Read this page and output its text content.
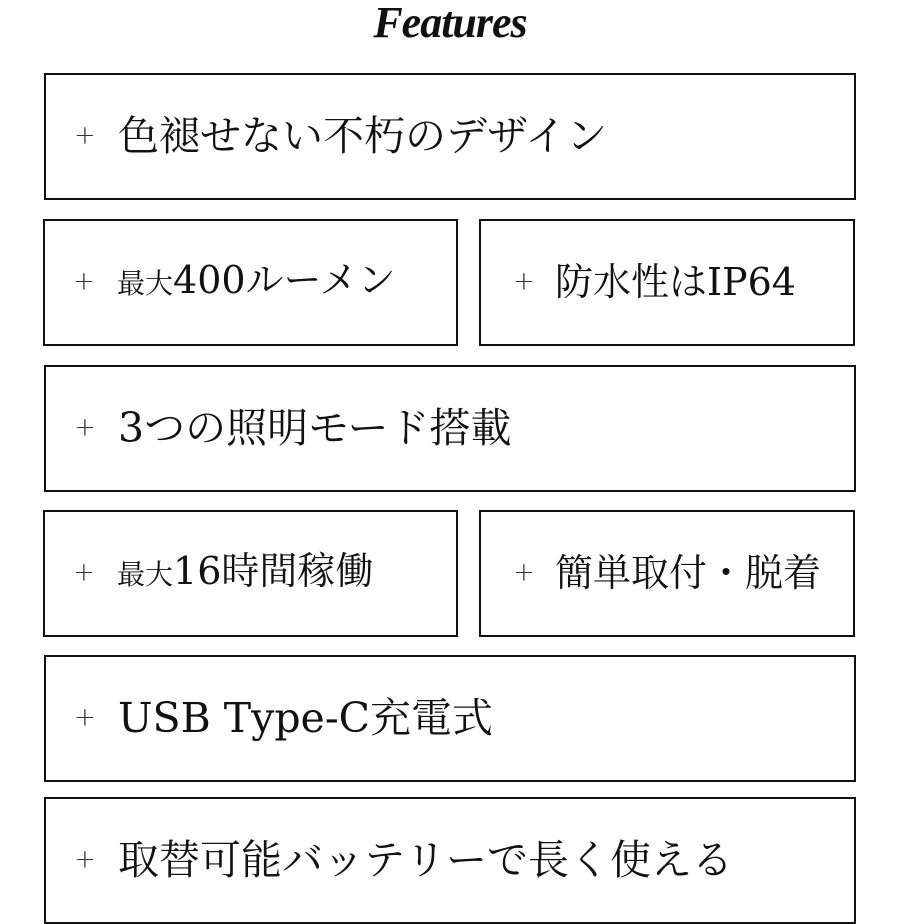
Features
+ 色褪せない不朽のデザイン
+ 最大400ルーメン	+ 防水性はIP64
+ 3つの照明モード搭載
+ 最大16時間稼働	+ 簡単取付・脱着
+ USB Type-C充電式
+ 取替可能バッテリーで長く使える
